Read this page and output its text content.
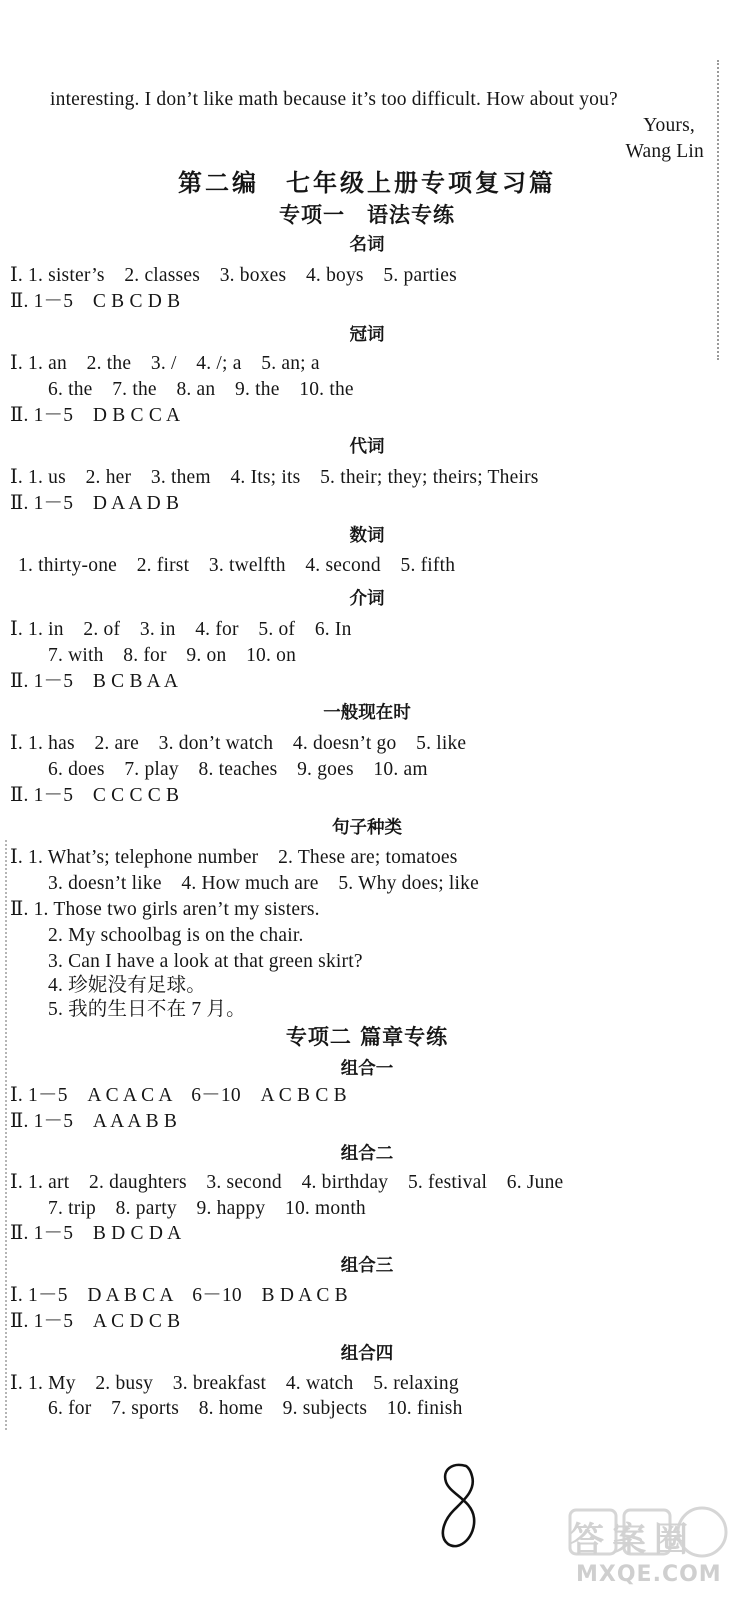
interesting. I don’t like math because it’s too difficult. How about you?
Yours,
Wang Lin
第二编　七年级上册专项复习篇
专项一　语法专练
名词
Ⅰ. 1. sister’s　2. classes　3. boxes　4. boys　5. parties
Ⅱ. 1－5　C B C D B
冠词
Ⅰ. 1. an　2. the　3. /　4. /; a　5. an; a
6. the　7. the　8. an　9. the　10. the
Ⅱ. 1－5　D B C C A
代词
Ⅰ. 1. us　2. her　3. them　4. Its; its　5. their; they; theirs; Theirs
Ⅱ. 1－5　D A A D B
数词
1. thirty-one　2. first　3. twelfth　4. second　5. fifth
介词
Ⅰ. 1. in　2. of　3. in　4. for　5. of　6. In
7. with　8. for　9. on　10. on
Ⅱ. 1－5　B C B A A
一般现在时
Ⅰ. 1. has　2. are　3. don’t watch　4. doesn’t go　5. like
6. does　7. play　8. teaches　9. goes　10. am
Ⅱ. 1－5　C C C C B
句子种类
Ⅰ. 1. What’s; telephone number　2. These are; tomatoes
3. doesn’t like　4. How much are　5. Why does; like
Ⅱ. 1. Those two girls aren’t my sisters.
2. My schoolbag is on the chair.
3. Can I have a look at that green skirt?
4. 珍妮没有足球。
5. 我的生日不在 7 月。
专项二 篇章专练
组合一
Ⅰ. 1－5　A C A C A　6－10　A C B C B
Ⅱ. 1－5　A A A B B
组合二
Ⅰ. 1. art　2. daughters　3. second　4. birthday　5. festival　6. June
7. trip　8. party　9. happy　10. month
Ⅱ. 1－5　B D C D A
组合三
Ⅰ. 1－5　D A B C A　6－10　B D A C B
Ⅱ. 1－5　A C D C B
组合四
Ⅰ. 1. My　2. busy　3. breakfast　4. watch　5. relaxing
6. for　7. sports　8. home　9. subjects　10. finish
答案圈
MXQE.COM
